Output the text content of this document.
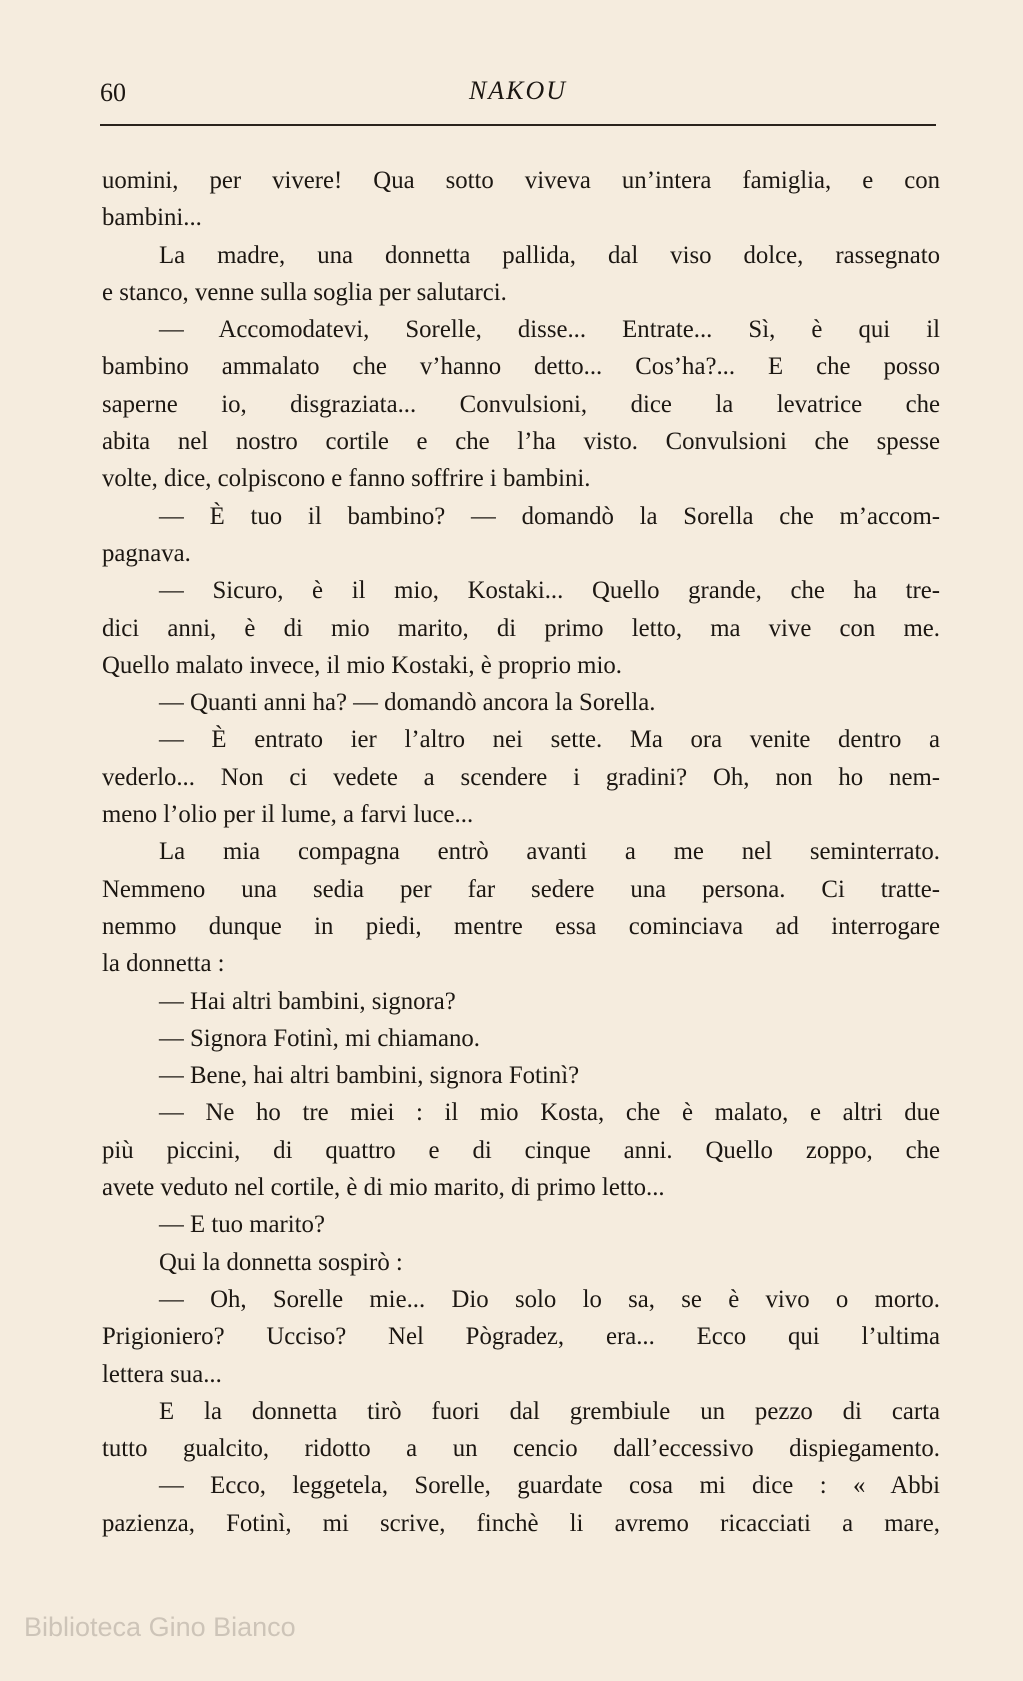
60	NAKOU
uomini, per vivere! Qua sotto viveva un’intera famiglia, e con
bambini...
La madre, una donnetta pallida, dal viso dolce, rassegnato
e stanco, venne sulla soglia per salutarci.
— Accomodatevi, Sorelle, disse... Entrate... Sì, è qui il
bambino ammalato che v’hanno detto... Cos’ha?... E che posso
saperne io, disgraziata... Convulsioni, dice la levatrice che
abita nel nostro cortile e che l’ha visto. Convulsioni che spesse
volte, dice, colpiscono e fanno soffrire i bambini.
— È tuo il bambino? — domandò la Sorella che m’accom-
pagnava.
— Sicuro, è il mio, Kostaki... Quello grande, che ha tre-
dici anni, è di mio marito, di primo letto, ma vive con me.
Quello malato invece, il mio Kostaki, è proprio mio.
— Quanti anni ha? — domandò ancora la Sorella.
— È entrato ier l’altro nei sette. Ma ora venite dentro a
vederlo... Non ci vedete a scendere i gradini? Oh, non ho nem-
meno l’olio per il lume, a farvi luce...
La mia compagna entrò avanti a me nel seminterrato.
Nemmeno una sedia per far sedere una persona. Ci tratte-
nemmo dunque in piedi, mentre essa cominciava ad interrogare
la donnetta :
— Hai altri bambini, signora?
— Signora Fotinì, mi chiamano.
— Bene, hai altri bambini, signora Fotinì?
— Ne ho tre miei : il mio Kosta, che è malato, e altri due
più piccini, di quattro e di cinque anni. Quello zoppo, che
avete veduto nel cortile, è di mio marito, di primo letto...
— E tuo marito?
Qui la donnetta sospirò :
— Oh, Sorelle mie... Dio solo lo sa, se è vivo o morto.
Prigioniero? Ucciso? Nel Pògradez, era... Ecco qui l’ultima
lettera sua...
E la donnetta tirò fuori dal grembiule un pezzo di carta
tutto gualcito, ridotto a un cencio dall’eccessivo dispiegamento.
— Ecco, leggetela, Sorelle, guardate cosa mi dice : « Abbi
pazienza, Fotinì, mi scrive, finchè li avremo ricacciati a mare,
Biblioteca Gino Bianco
